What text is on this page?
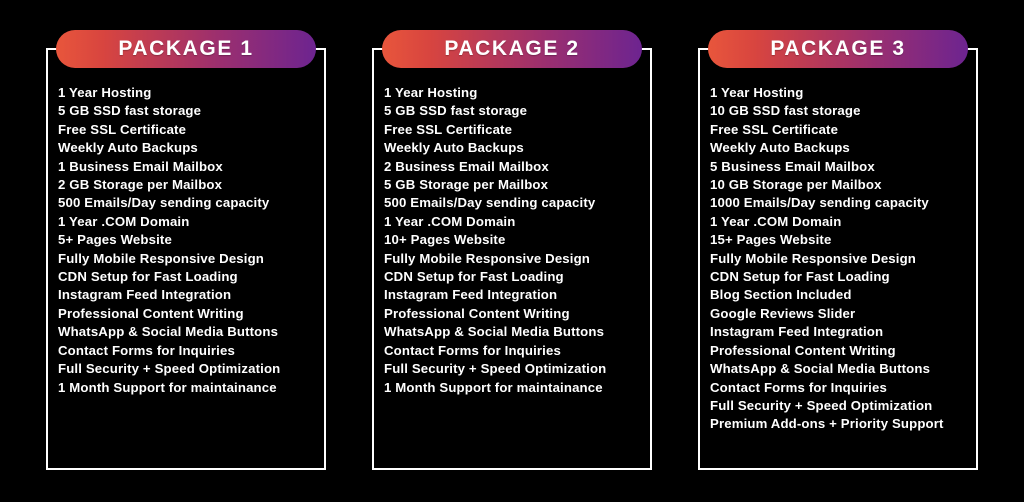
PACKAGE 1
1 Year Hosting
5 GB SSD fast storage
Free SSL Certificate
Weekly Auto Backups
1 Business Email Mailbox
2 GB Storage per Mailbox
500 Emails/Day sending capacity
1 Year .COM Domain
5+ Pages Website
Fully Mobile Responsive Design
CDN Setup for Fast Loading
Instagram Feed Integration
Professional Content Writing
WhatsApp & Social Media Buttons
Contact Forms for Inquiries
Full Security + Speed Optimization
1 Month Support for maintainance
PACKAGE 2
1 Year Hosting
5 GB SSD fast storage
Free SSL Certificate
Weekly Auto Backups
2 Business Email Mailbox
5 GB Storage per Mailbox
500 Emails/Day sending capacity
1 Year .COM Domain
10+ Pages Website
Fully Mobile Responsive Design
CDN Setup for Fast Loading
Instagram Feed Integration
Professional Content Writing
WhatsApp & Social Media Buttons
Contact Forms for Inquiries
Full Security + Speed Optimization
1 Month Support for maintainance
PACKAGE 3
1 Year Hosting
10 GB SSD fast storage
Free SSL Certificate
Weekly Auto Backups
5 Business Email Mailbox
10 GB Storage per Mailbox
1000 Emails/Day sending capacity
1 Year .COM Domain
15+ Pages Website
Fully Mobile Responsive Design
CDN Setup for Fast Loading
Blog Section Included
Google Reviews Slider
Instagram Feed Integration
Professional Content Writing
WhatsApp & Social Media Buttons
Contact Forms for Inquiries
Full Security + Speed Optimization
Premium Add-ons + Priority Support
